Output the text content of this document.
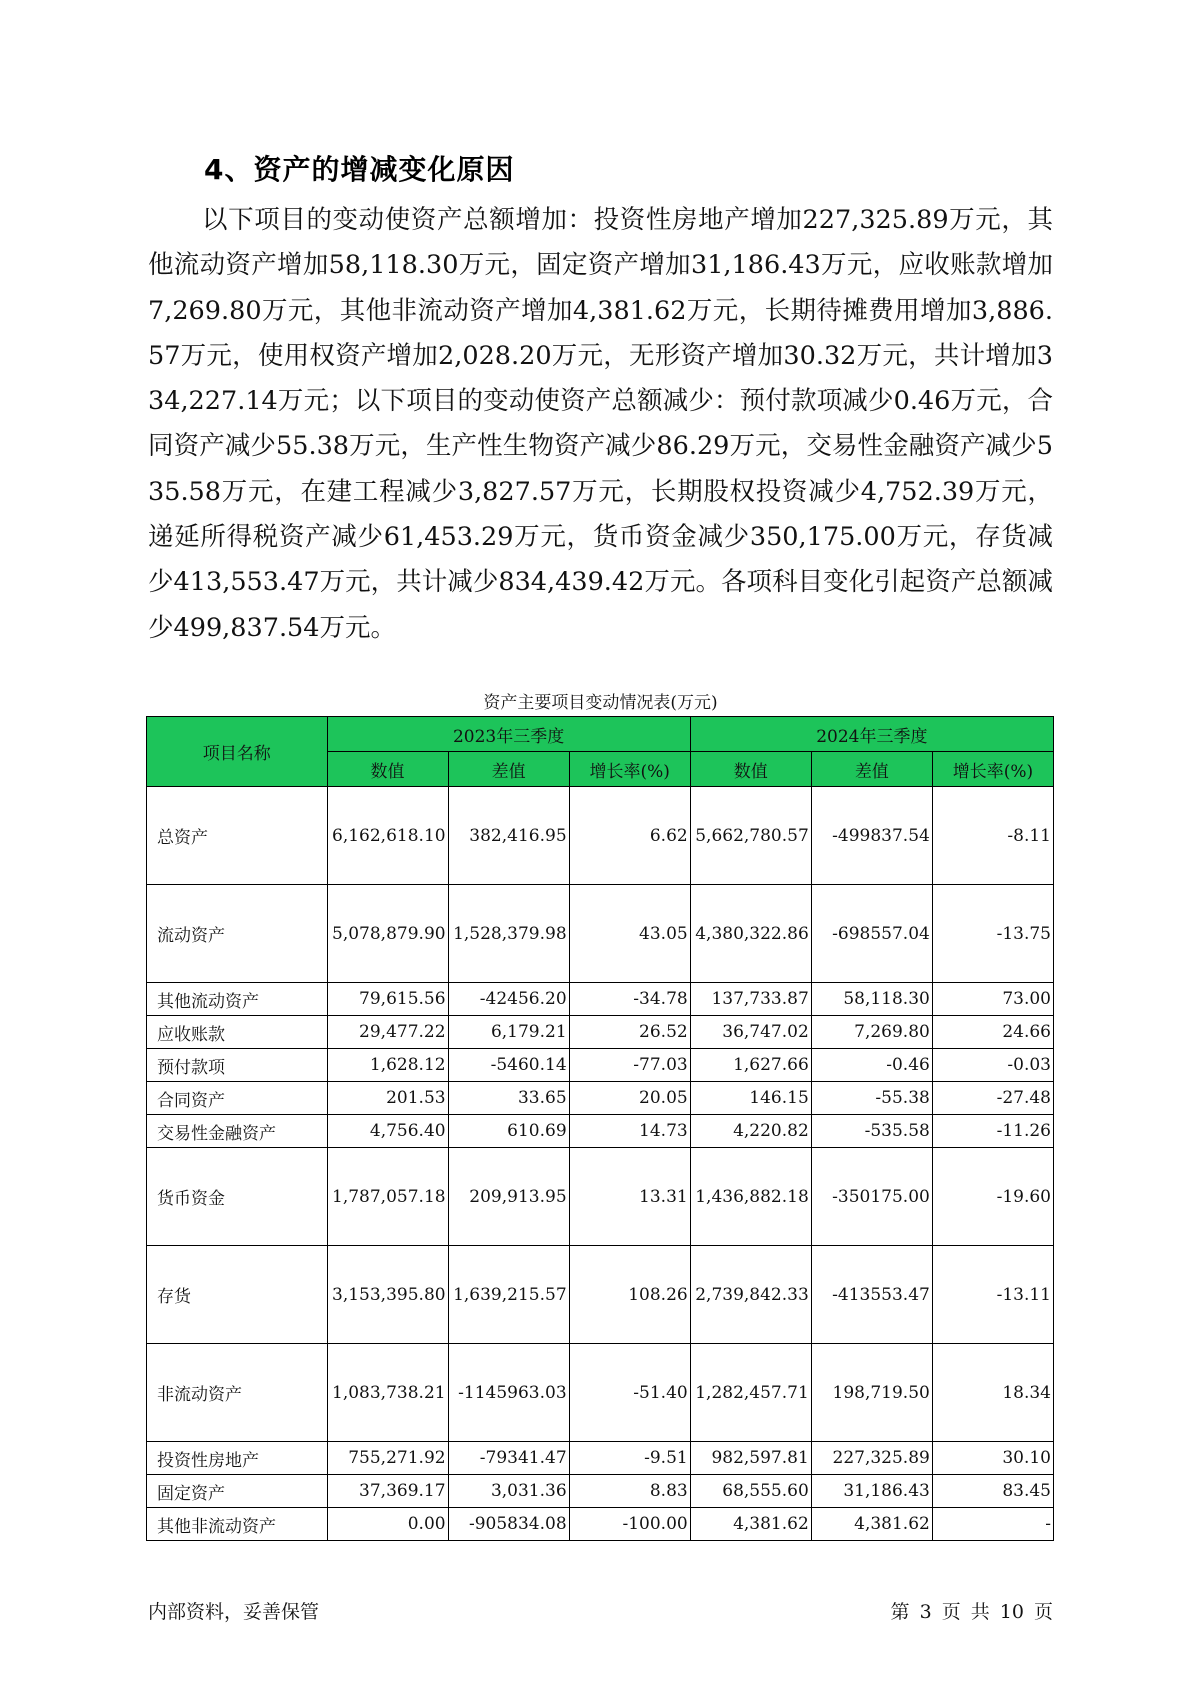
4、资产的增减变化原因

以下项目的变动使资产总额增加：投资性房地产增加227,325.89万元，其他流动资产增加58,118.30万元，固定资产增加31,186.43万元，应收账款增加7,269.80万元，其他非流动资产增加4,381.62万元，长期待摊费用增加3,886.57万元，使用权资产增加2,028.20万元，无形资产增加30.32万元，共计增加334,227.14万元；以下项目的变动使资产总额减少：预付款项减少0.46万元，合同资产减少55.38万元，生产性生物资产减少86.29万元，交易性金融资产减少535.58万元，在建工程减少3,827.57万元，长期股权投资减少4,752.39万元，递延所得税资产减少61,453.29万元，货币资金减少350,175.00万元，存货减少413,553.47万元，共计减少834,439.42万元。各项科目变化引起资产总额减少499,837.54万元。

资产主要项目变动情况表(万元)
项目名称	2023年三季度			2024年三季度		
	数值	差值	增长率(%)	数值	差值	增长率(%)
总资产	6,162,618.10	382,416.95	6.62	5,662,780.57	-499837.54	-8.11
流动资产	5,078,879.90	1,528,379.98	43.05	4,380,322.86	-698557.04	-13.75
其他流动资产	79,615.56	-42456.20	-34.78	137,733.87	58,118.30	73.00
应收账款	29,477.22	6,179.21	26.52	36,747.02	7,269.80	24.66
预付款项	1,628.12	-5460.14	-77.03	1,627.66	-0.46	-0.03
合同资产	201.53	33.65	20.05	146.15	-55.38	-27.48
交易性金融资产	4,756.40	610.69	14.73	4,220.82	-535.58	-11.26
货币资金	1,787,057.18	209,913.95	13.31	1,436,882.18	-350175.00	-19.60
存货	3,153,395.80	1,639,215.57	108.26	2,739,842.33	-413553.47	-13.11
非流动资产	1,083,738.21	-1145963.03	-51.40	1,282,457.71	198,719.50	18.34
投资性房地产	755,271.92	-79341.47	-9.51	982,597.81	227,325.89	30.10
固定资产	37,369.17	3,031.36	8.83	68,555.60	31,186.43	83.45
其他非流动资产	0.00	-905834.08	-100.00	4,381.62	4,381.62	-
内部资料，妥善保管	第 3 页 共 10 页
